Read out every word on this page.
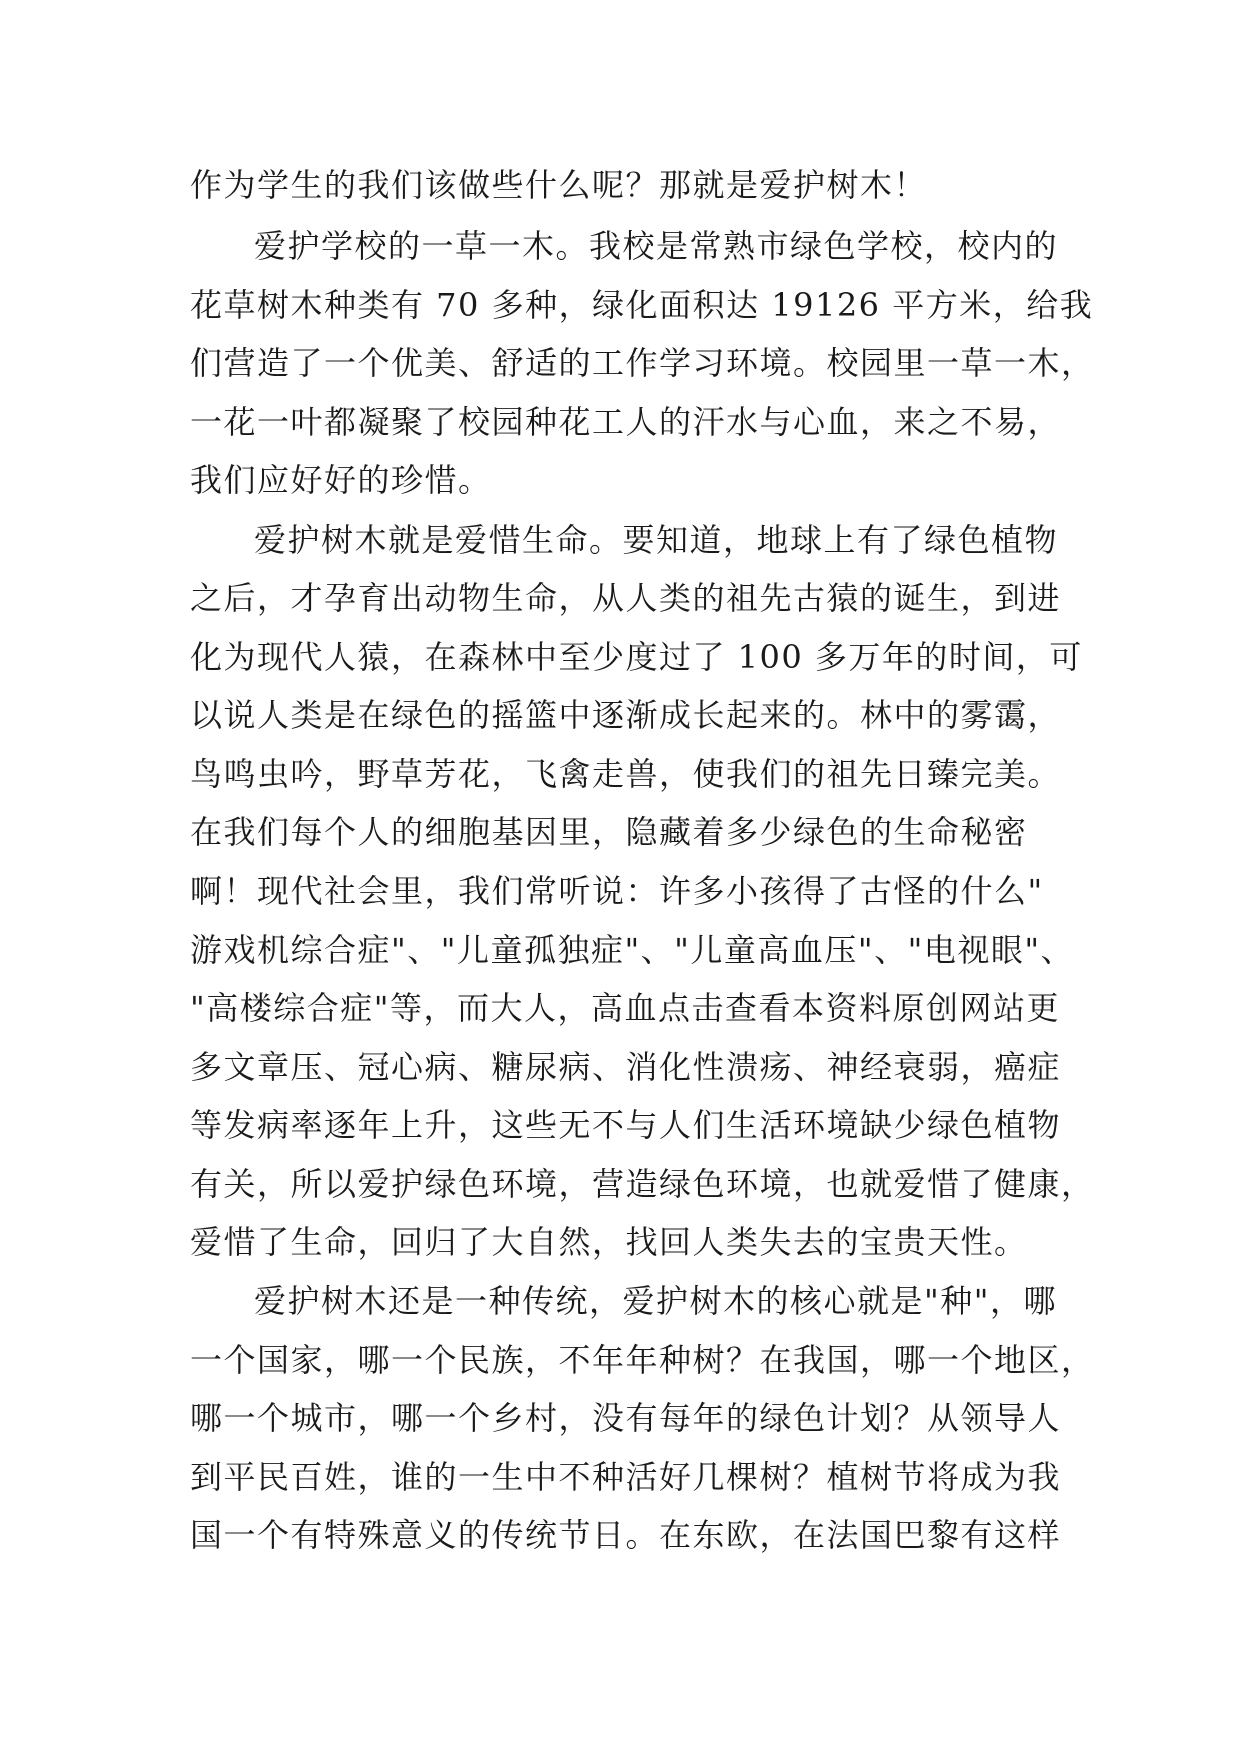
作为学生的我们该做些什么呢？那就是爱护树木！
爱护学校的一草一木。我校是常熟市绿色学校，校内的
花草树木种类有 70 多种，绿化面积达 19126 平方米，给我
们营造了一个优美、舒适的工作学习环境。校园里一草一木，
一花一叶都凝聚了校园种花工人的汗水与心血，来之不易，
我们应好好的珍惜。
爱护树木就是爱惜生命。要知道，地球上有了绿色植物
之后，才孕育出动物生命，从人类的祖先古猿的诞生，到进
化为现代人猿，在森林中至少度过了 100 多万年的时间，可
以说人类是在绿色的摇篮中逐渐成长起来的。林中的雾霭，
鸟鸣虫吟，野草芳花，飞禽走兽，使我们的祖先日臻完美。
在我们每个人的细胞基因里，隐藏着多少绿色的生命秘密
啊！现代社会里，我们常听说：许多小孩得了古怪的什么"
游戏机综合症"、"儿童孤独症"、"儿童高血压"、"电视眼"、
"高楼综合症"等，而大人，高血点击查看本资料原创网站更
多文章压、冠心病、糖尿病、消化性溃疡、神经衰弱，癌症
等发病率逐年上升，这些无不与人们生活环境缺少绿色植物
有关，所以爱护绿色环境，营造绿色环境，也就爱惜了健康，
爱惜了生命，回归了大自然，找回人类失去的宝贵天性。
爱护树木还是一种传统，爱护树木的核心就是"种"，哪
一个国家，哪一个民族，不年年种树？在我国，哪一个地区，
哪一个城市，哪一个乡村，没有每年的绿色计划？从领导人
到平民百姓，谁的一生中不种活好几棵树？植树节将成为我
国一个有特殊意义的传统节日。在东欧，在法国巴黎有这样
